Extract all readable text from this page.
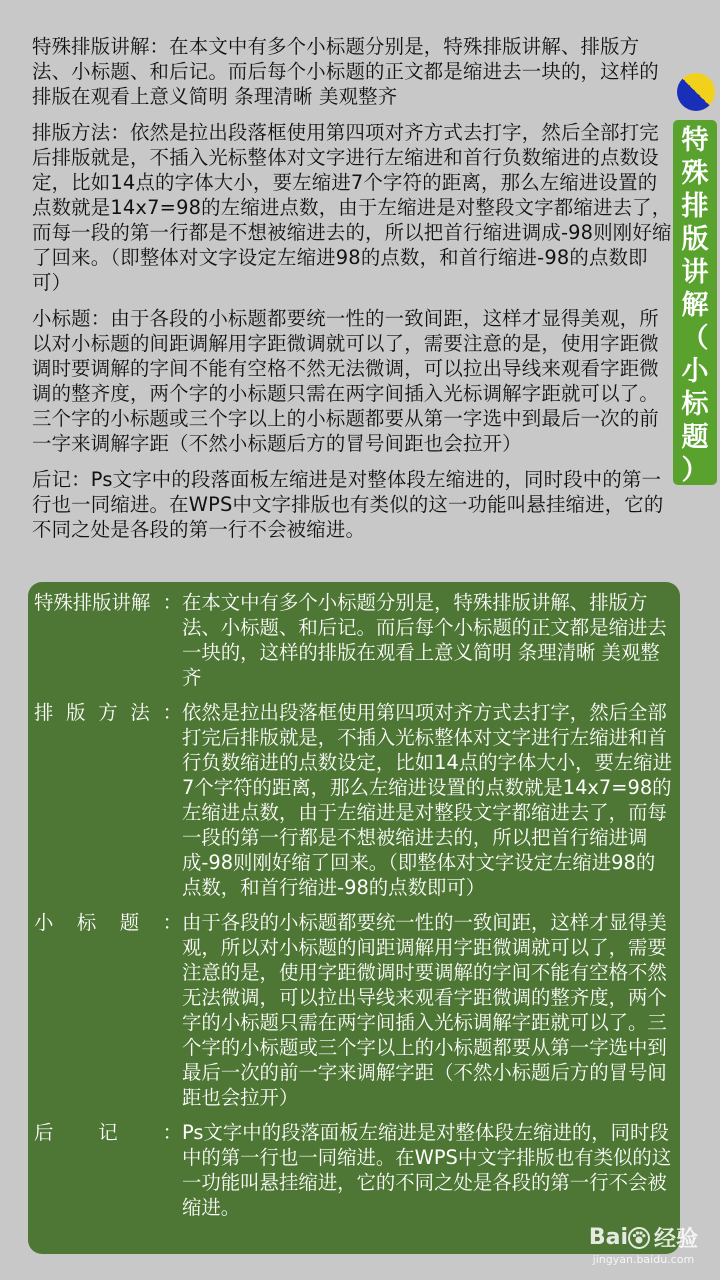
特殊排版讲解：在本文中有多个小标题分别是，特殊排版讲解、排版方法、小标题、和后记。而后每个小标题的正文都是缩进去一块的，这样的排版在观看上意义简明 条理清晰 美观整齐

排版方法：依然是拉出段落框使用第四项对齐方式去打字，然后全部打完后排版就是，不插入光标整体对文字进行左缩进和首行负数缩进的点数设定，比如14点的字体大小，要左缩进7个字符的距离，那么左缩进设置的点数就是14x7=98的左缩进点数，由于左缩进是对整段文字都缩进去了，而每一段的第一行都是不想被缩进去的，所以把首行缩进调成-98则刚好缩了回来。（即整体对文字设定左缩进98的点数，和首行缩进-98的点数即可）

小标题：由于各段的小标题都要统一性的一致间距，这样才显得美观，所以对小标题的间距调解用字距微调就可以了，需要注意的是，使用字距微调时要调解的字间不能有空格不然无法微调，可以拉出导线来观看字距微调的整齐度，两个字的小标题只需在两字间插入光标调解字距就可以了。三个字的小标题或三个字以上的小标题都要从第一字选中到最后一次的前一字来调解字距（不然小标题后方的冒号间距也会拉开）

后记：Ps文字中的段落面板左缩进是对整体段左缩进的，同时段中的第一行也一同缩进。在WPS中文字排版也有类似的这一功能叫悬挂缩进，它的不同之处是各段的第一行不会被缩进。

特
殊
排
版
讲
解
（
小
标
题
）
特殊排版讲解 ： 在本文中有多个小标题分别是，特殊排版讲解、排版方法、小标题、和后记。而后每个小标题的正文都是缩进去一块的，这样的排版在观看上意义简明 条理清晰 美观整齐
排 版 方 法 ： 依然是拉出段落框使用第四项对齐方式去打字，然后全部打完后排版就是，不插入光标整体对文字进行左缩进和首行负数缩进的点数设定，比如14点的字体大小，要左缩进7个字符的距离，那么左缩进设置的点数就是14x7=98的左缩进点数，由于左缩进是对整段文字都缩进去了，而每一段的第一行都是不想被缩进去的，所以把首行缩进调成-98则刚好缩了回来。（即整体对文字设定左缩进98的点数，和首行缩进-98的点数即可）
小 标 题 ： 由于各段的小标题都要统一性的一致间距，这样才显得美观，所以对小标题的间距调解用字距微调就可以了，需要注意的是，使用字距微调时要调解的字间不能有空格不然无法微调，可以拉出导线来观看字距微调的整齐度，两个字的小标题只需在两字间插入光标调解字距就可以了。三个字的小标题或三个字以上的小标题都要从第一字选中到最后一次的前一字来调解字距（不然小标题后方的冒号间距也会拉开）
后 记 ： Ps文字中的段落面板左缩进是对整体段左缩进的，同时段中的第一行也一同缩进。在WPS中文字排版也有类似的这一功能叫悬挂缩进，它的不同之处是各段的第一行不会被缩进。
Bai 经验
jingyan.baidu.com
